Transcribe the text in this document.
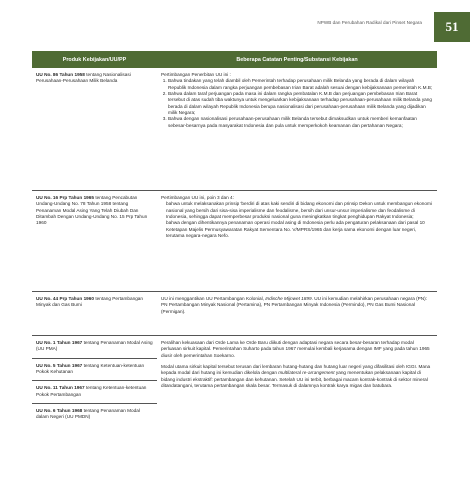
NPWB dan Perubahan Radikal dari Pinset Negara	51
Produk Kebijakan/UU/PP	Beberapa Catatan Penting/Substansi Kebijakan
UU No. 86 Tahun 1958 tentang Nasionalisasi Perusahaan-Perusahaan Milik Belanda
Pertimbangan Penerbitan UU ini :
1. Bahwa tindakan yang telah diambil oleh Pemerintah terhadap perusahaan milik Belanda yang berada di dalam wilayah Republik Indonesia dalam rangka perjuangan pembebasan Irian Barat adalah sesuai dengan kebijaksanaan pemerintah K.M.B;
2. Bahwa dalam taraf perjuangan pada masa ini dalam rangka pembatalan K.M.B dan perjuangan pembebasan Irian Barat tersebut di atas sudah tiba waktunya untuk mengeluarkan kebijaksanaan terhadap perusahaan-perusahaan milik Belanda yang berada di dalam wilayah Republik Indonesia berupa nasionalisasi dari perusahaan-perusahaan milik Belanda yang dijadikan milik Negara;
3. Bahwa dengan nasionalisasi perusahaan-perusahaan milik Belanda tersebut dimaksudkan untuk memberi kemanfaatan sebesar-besarnya pada masyarakat Indonesia dan pula untuk memperkokoh keamanan dan pertahanan Negara;
UU No. 16 Prp Tahun 1965 tentang Pencabutan Undang-Undang No. 78 Tahun 1958 tentang Penanaman Modal Asing Yang Telah Diubah Dan Ditambah Dengan Undang-Undang No. 15 Prp Tahun 1960
Pertimbangan UU ini, poin 3 dan 4:
bahwa untuk melaksanakan prinsip 'berdiri di atas kaki sendiri di bidang ekonomi dan prinsip Dekon untuk membangun ekonomi nasional yang bersih dari sisa-sisa imperialisme dan feodalisme, bersih dari unsur-unsur imperialisme dan feodalisme di Indonesia, sehingga dapat memperbesar produksi nasional guna meningkatkan tingkat penghidupan Rakyat Indonesia;
bahwa dengan dihentikannya penanaman operasi modal asing di Indonesia perlu ada pengaturan pelaksanaan dari pasal 10 Ketetapan Majelis Permusyawaratan Rakyat Sementara No. V/MPRS/1965 dan kerja sama ekonomi dengan luar negeri, terutama negara-negara Nefo.
UU No. 44 Prp Tahun 1960 tentang Pertambangan Minyak dan Gas Bumi

UU ini menggantikan UU Pertambangan Kolonial, Indische Mijnwet 1899. UU ini kemudian melahirkan perusahaan negara (PN): PN Pertambangan Minyak Nasional (Pertamina), PN Pertambangan Minyak Indonesia (Permindo), PN Gas Bumi Nasional (Permigan).

UU No. 1 Tahun 1967 tentang Penanaman Modal Asing (UU PMA)
UU No. 5 Tahun 1967 tentang Ketentuan-ketentuan Pokok Kehutanan
UU No. 11 Tahun 1967 tentang Ketentuan-ketentuan Pokok Pertambangan
UU No. 6 Tahun 1968 tentang Penanaman Modal dalam Negeri (UU PMDN)

Peralihan kekuasaan dari Orde Lama ke Orde Baru diikuti dengan adaptasi negara secara besar-besaran terhadap modal perluasan sirkuit kapital. Pemerintahan Suharto pada tahun 1967 memulai kembali kerjasama dengan IMF yang pada tahun 1965 diusir oleh pemerintahan Soekarno.

Modal utama sirkuit kapital tersebut terusan dari lembaran hutang-hutang dan hutang luar negeri yang difasilitasi oleh IGGI. Mana kepada modal dari hutang ini kemudian dikelola dengan multilateral re-arrangement yang menentukan pelaksanaan kapital di bidang industri ekstraktif: pertambangan dan kehutanan. Setelah UU ini terbit, berbagai macam kontrak-kontrak di sektor mineral ditandatangani, terutama pertambangan skala besar. Termasuk di dalamnya kontrak karya migas dan batubara.
